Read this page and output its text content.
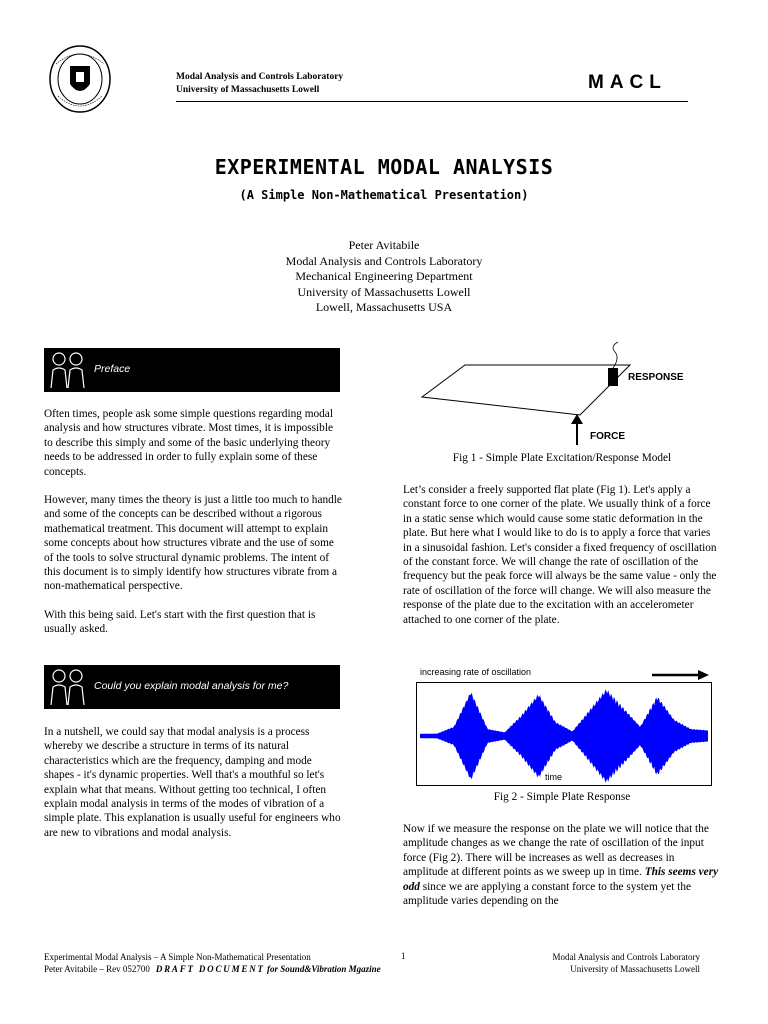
Modal Analysis and Controls Laboratory
University of Massachusetts Lowell	MACL
EXPERIMENTAL MODAL ANALYSIS
(A Simple Non-Mathematical Presentation)
Peter Avitabile
Modal Analysis and Controls Laboratory
Mechanical Engineering Department
University of Massachusetts Lowell
Lowell, Massachusetts USA
Preface

Often times, people ask some simple questions regarding modal analysis and how structures vibrate. Most times, it is impossible to describe this simply and some of the basic underlying theory needs to be addressed in order to fully explain some of these concepts.

However, many times the theory is just a little too much to handle and some of the concepts can be described without a rigorous mathematical treatment. This document will attempt to explain some concepts about how structures vibrate and the use of some of the tools to solve structural dynamic problems. The intent of this document is to simply identify how structures vibrate from a non-mathematical perspective.

With this being said. Let's start with the first question that is usually asked.

Could you explain modal analysis for me?

In a nutshell, we could say that modal analysis is a process whereby we describe a structure in terms of its natural characteristics which are the frequency, damping and mode shapes - it's dynamic properties. Well that's a mouthful so let's explain what that means. Without getting too technical, I often explain modal analysis in terms of the modes of vibration of a simple plate. This explanation is usually useful for engineers who are new to vibrations and modal analysis.

RESPONSE
FORCE
Fig 1 - Simple Plate Excitation/Response Model

Let’s consider a freely supported flat plate (Fig 1). Let's apply a constant force to one corner of the plate. We usually think of a force in a static sense which would cause some static deformation in the plate. But here what I would like to do is to apply a force that varies in a sinusoidal fashion. Let's consider a fixed frequency of oscillation of the constant force. We will change the rate of oscillation of the frequency but the peak force will always be the same value - only the rate of oscillation of the force will change. We will also measure the response of the plate due to the excitation with an accelerometer attached to one corner of the plate.

increasing rate of oscillation
time
Fig 2 - Simple Plate Response

Now if we measure the response on the plate we will notice that the amplitude changes as we change the rate of oscillation of the input force (Fig 2). There will be increases as well as decreases in amplitude at different points as we sweep up in time. This seems very odd since we are applying a constant force to the system yet the amplitude varies depending on the

Experimental Modal Analysis – A Simple Non-Mathematical Presentation
Peter Avitabile – Rev 052700 DRAFT DOCUMENT for Sound&Vibration Mgazine
1	Modal Analysis and Controls Laboratory
University of Massachusetts Lowell
